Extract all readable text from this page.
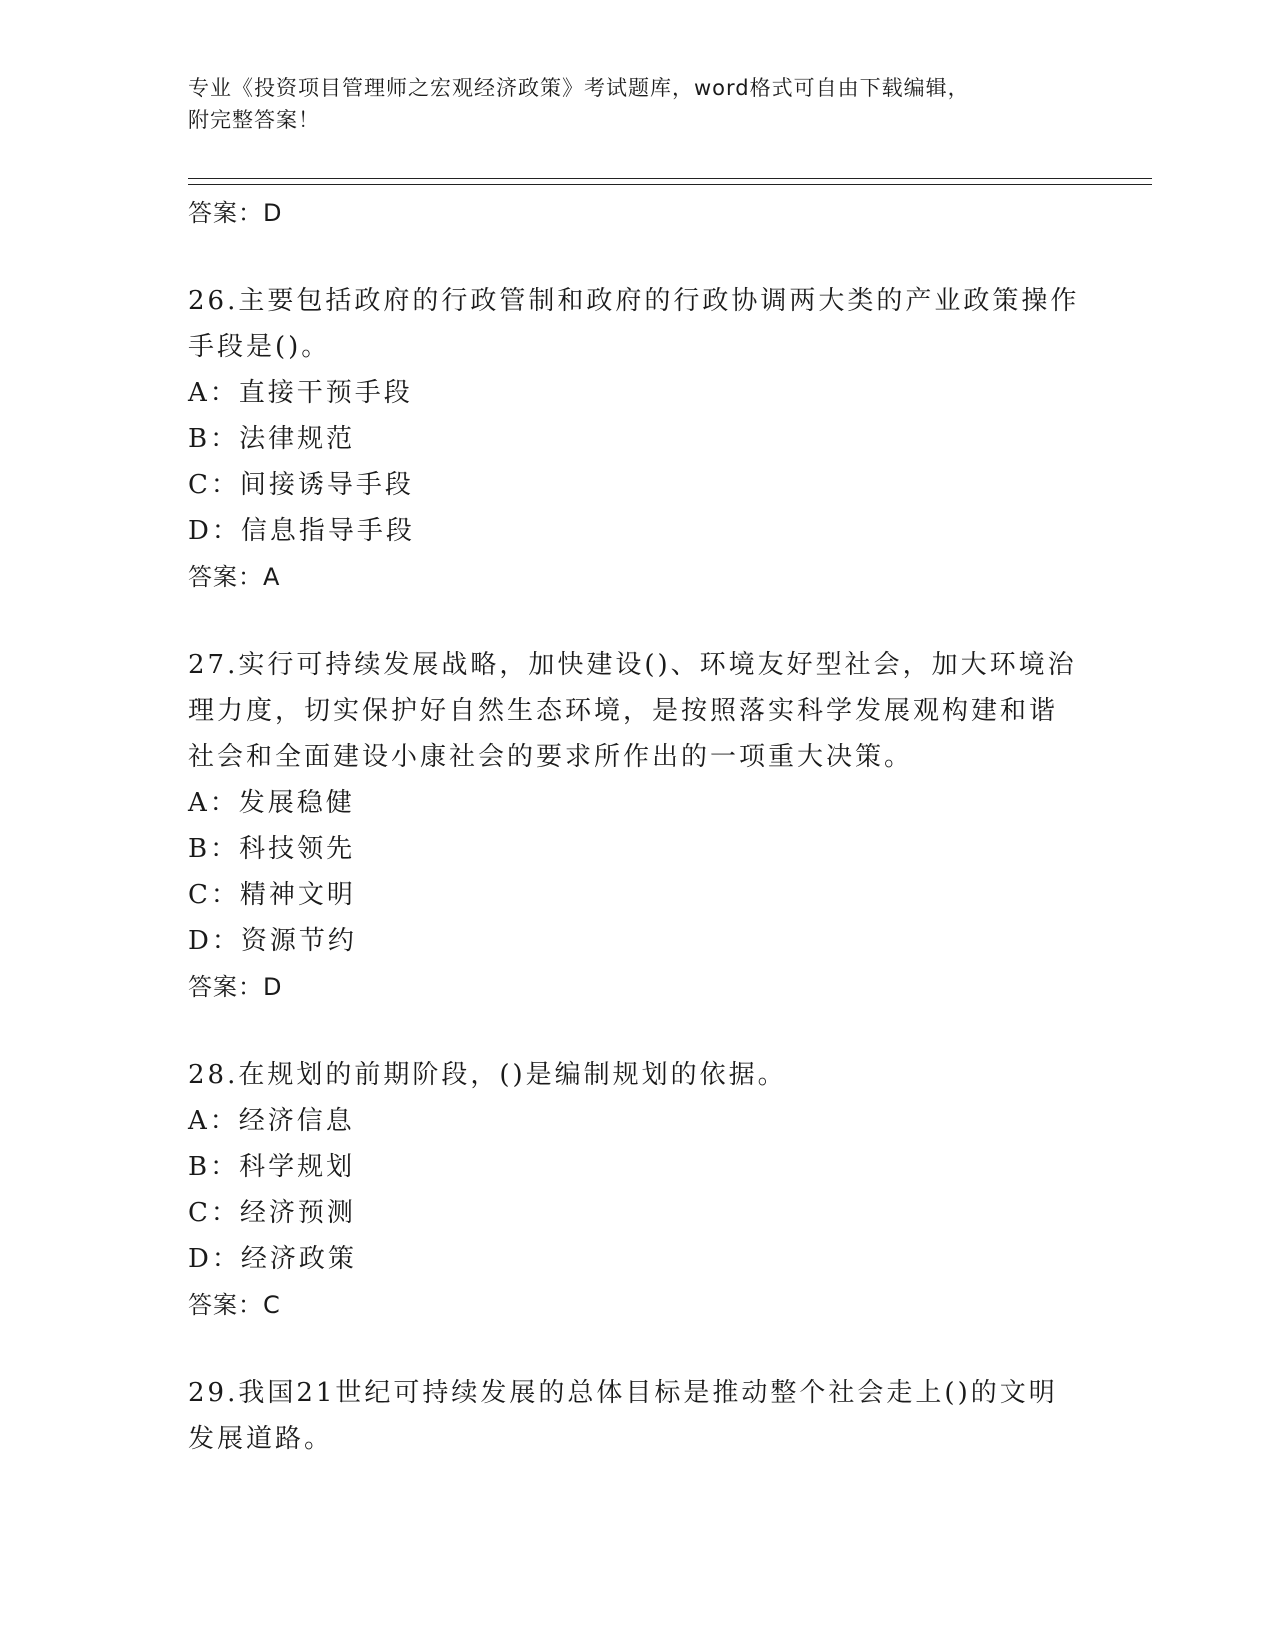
专业《投资项目管理师之宏观经济政策》考试题库，word格式可自由下载编辑，
附完整答案！
答案：D
26.主要包括政府的行政管制和政府的行政协调两大类的产业政策操作
手段是()。
A：直接干预手段
B：法律规范
C：间接诱导手段
D：信息指导手段
答案：A
27.实行可持续发展战略，加快建设()、环境友好型社会，加大环境治
理力度，切实保护好自然生态环境，是按照落实科学发展观构建和谐
社会和全面建设小康社会的要求所作出的一项重大决策。
A：发展稳健
B：科技领先
C：精神文明
D：资源节约
答案：D
28.在规划的前期阶段，()是编制规划的依据。
A：经济信息
B：科学规划
C：经济预测
D：经济政策
答案：C
29.我国21世纪可持续发展的总体目标是推动整个社会走上()的文明
发展道路。
